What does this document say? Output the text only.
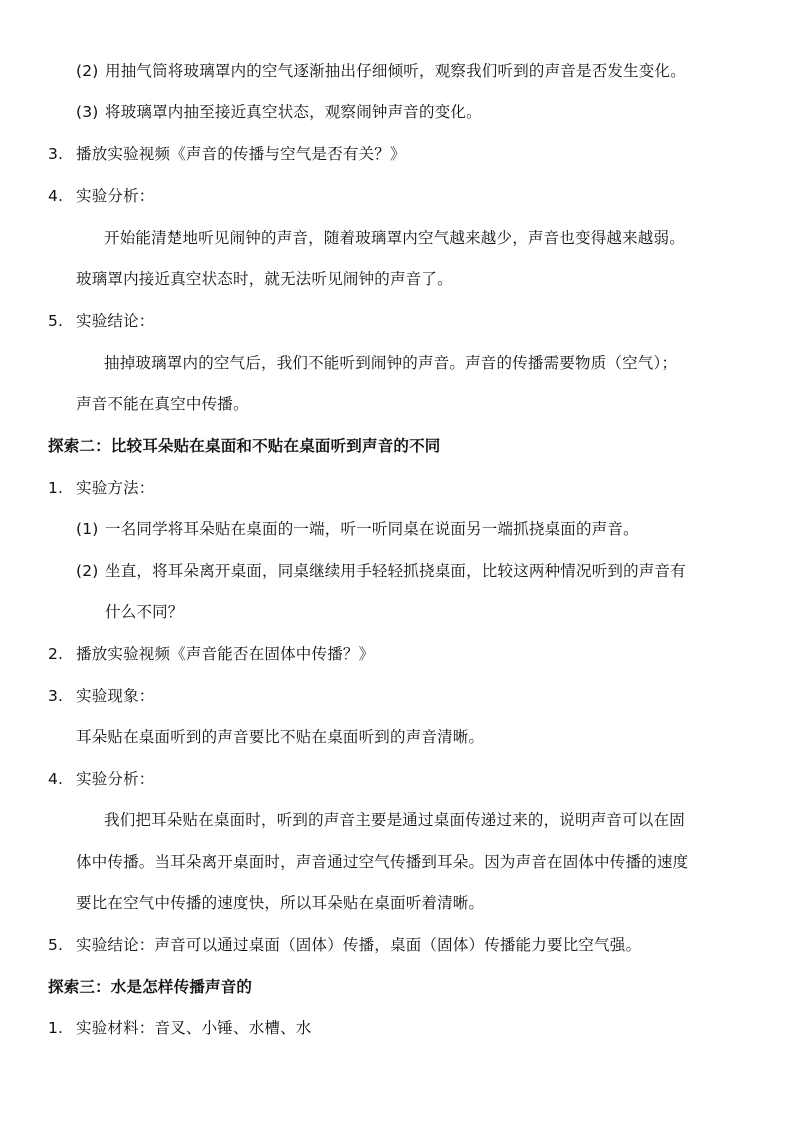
(2) 用抽气筒将玻璃罩内的空气逐渐抽出仔细倾听，观察我们听到的声音是否发生变化。
(3) 将玻璃罩内抽至接近真空状态，观察闹钟声音的变化。
3. 播放实验视频《声音的传播与空气是否有关？》
4. 实验分析：
开始能清楚地听见闹钟的声音，随着玻璃罩内空气越来越少，声音也变得越来越弱。
玻璃罩内接近真空状态时，就无法听见闹钟的声音了。
5. 实验结论：
抽掉玻璃罩内的空气后，我们不能听到闹钟的声音。声音的传播需要物质（空气）；
声音不能在真空中传播。
探索二：比较耳朵贴在桌面和不贴在桌面听到声音的不同
1. 实验方法：
(1) 一名同学将耳朵贴在桌面的一端，听一听同桌在说面另一端抓挠桌面的声音。
(2) 坐直，将耳朵离开桌面，同桌继续用手轻轻抓挠桌面，比较这两种情况听到的声音有
什么不同？
2. 播放实验视频《声音能否在固体中传播？》
3. 实验现象：
耳朵贴在桌面听到的声音要比不贴在桌面听到的声音清晰。
4. 实验分析：
我们把耳朵贴在桌面时，听到的声音主要是通过桌面传递过来的，说明声音可以在固
体中传播。当耳朵离开桌面时，声音通过空气传播到耳朵。因为声音在固体中传播的速度
要比在空气中传播的速度快，所以耳朵贴在桌面听着清晰。
5. 实验结论：声音可以通过桌面（固体）传播，桌面（固体）传播能力要比空气强。
探索三：水是怎样传播声音的
1. 实验材料：音叉、小锤、水槽、水
